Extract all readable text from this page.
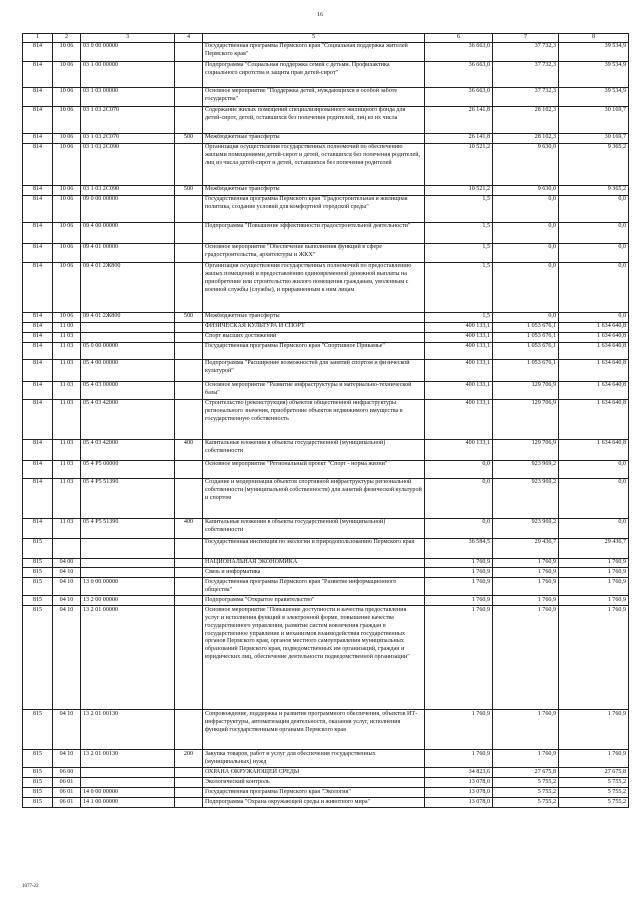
16
1	2	3	4	5	6	7	8
814	10 06	03 0 00 00000		Государственная программа Пермского края "Социальная поддержка жителей Пермского края"	36 663,0	37 732,3	39 534,9
814	10 06	03 1 00 00000		Подпрограмма "Социальная поддержка семей с детьми. Профилактика социального сиротства и защита прав детей-сирот"	36 663,0	37 732,3	39 534,9
814	10 06	03 1 03 00000		Основное мероприятие "Поддержка детей, нуждающихся в особой заботе государства"	36 663,0	37 732,3	39 534,9
814	10 06	03 1 03 2С070		Содержание жилых помещений специализированного жилищного фонда для детей-сирот, детей, оставшихся без попечения родителей, лиц из их числа	26 141,8	28 102,3	30 169,7
814	10 06	03 1 03 2С070	500	Межбюджетные трансферты	26 141,8	28 102,3	30 169,7
814	10 06	03 1 03 2С090		Организация осуществления государственных полномочий по обеспечению жилыми помещениями детей-сирот и детей, оставшихся без попечения родителей, лиц из числа детей-сирот и детей, оставшихся без попечения родителей	10 521,2	9 630,0	9 365,2
814	10 06	03 1 03 2С090	500	Межбюджетные трансферты	10 521,2	9 630,0	9 365,2
814	10 06	09 0 00 00000		Государственная программа Пермского края "Градостроительная и жилищная политика, создание условий для комфортной городской среды"	1,5	0,0	0,0
814	10 06	09 4 00 00000		Подпрограмма "Повышение эффективности градостроительной деятельности"	1,5	0,0	0,0
814	10 06	09 4 01 00000		Основное мероприятие "Обеспечение выполнения функций в сфере градостроительства, архитектуры и ЖКХ"	1,5	0,0	0,0
814	10 06	09 4 01 2Ж800		Организация осуществления государственных полномочий по предоставлению жилых помещений и предоставлению единовременной денежной выплаты на приобретение или строительство жилого помещения гражданам, уволенным с военной службы (службы), и приравненным к ним лицам	1,5	0,0	0,0
814	10 06	09 4 01 2Ж800	500	Межбюджетные трансферты	1,5	0,0	0,0
814	11 00			ФИЗИЧЕСКАЯ КУЛЬТУРА И СПОРТ	400 133,1	1 053 676,1	1 634 640,8
814	11 03			Спорт высших достижений	400 133,1	1 053 676,1	1 634 640,8
814	11 03	05 0 00 00000		Государственная программа Пермского края "Спортивное Прикамье"	400 133,1	1 053 676,1	1 634 640,8
814	11 03	05 4 00 00000		Подпрограмма "Расширение возможностей для занятий спортом и физической культурой"	400 133,1	1 053 676,1	1 634 640,8
814	11 03	05 4 03 00000		Основное мероприятие "Развитие инфраструктуры и материально-технической базы"	400 133,1	129 706,9	1 634 640,8
814	11 03	05 4 03 42000		Строительство (реконструкция) объектов общественной инфраструктуры регионального значения, приобретение объектов недвижимого имущества в государственную собственность	400 133,1	129 706,9	1 634 640,8
814	11 03	05 4 03 42000	400	Капитальные вложения в объекты государственной (муниципальной) собственности	400 133,1	129 706,9	1 634 640,8
814	11 03	05 4 P5 00000		Основное мероприятие "Региональный проект "Спорт - норма жизни"	0,0	923 969,2	0,0
814	11 03	05 4 P5 51390		Создание и модернизация объектов спортивной инфраструктуры региональной собственности (муниципальной собственности) для занятий физической культурой и спортом	0,0	923 969,2	0,0
814	11 03	05 4 P5 51390	400	Капитальные вложения в объекты государственной (муниципальной) собственности	0,0	923 969,2	0,0
815				Государственная инспекция по экологии и природопользованию Пермского края	36 584,5	29 436,7	29 436,7
815	04 00			НАЦИОНАЛЬНАЯ ЭКОНОМИКА	1 760,9	1 760,9	1 760,9
815	04 10			Связь и информатика	1 760,9	1 760,9	1 760,9
815	04 10	13 0 00 00000		Государственная программа Пермского края "Развитие информационного общества"	1 760,9	1 760,9	1 760,9
815	04 10	13 2 00 00000		Подпрограмма "Открытое правительство"	1 760,9	1 760,9	1 760,9
815	04 10	13 2 01 00000		Основное мероприятие "Повышение доступности и качества предоставления услуг и исполнения функций в электронной форме, повышение качества государственного управления, развитие систем вовлечения граждан в государственное управление и механизмов взаимодействия государственных органов Пермского края, органов местного самоуправления муниципальных образований Пермского края, подведомственных им организаций, граждан и юридических лиц, обеспечение деятельности подведомственной организации"	1 760,9	1 760,9	1 760,9
815	04 10	13 2 01 00130		Сопровождение, поддержка и развитие программного обеспечения, объектов ИТ-инфраструктуры, автоматизация деятельности, оказания услуг, исполнения функций государственными органами Пермского края	1 760,9	1 760,9	1 760,9
815	04 10	13 2 01 00130	200	Закупка товаров, работ и услуг для обеспечения государственных (муниципальных) нужд	1 760,9	1 760,9	1 760,9
815	06 00			ОХРАНА ОКРУЖАЮЩЕЙ СРЕДЫ	34 823,6	27 675,8	27 675,8
815	06 01			Экологический контроль	13 078,0	5 755,2	5 755,2
815	06 01	14 0 00 00000		Государственная программа Пермского края "Экология"	13 078,0	5 755,2	5 755,2
815	06 01	14 1 00 00000		Подпрограмма "Охрана окружающей среды и животного мира"	13 078,0	5 755,2	5 755,2
1077-22
